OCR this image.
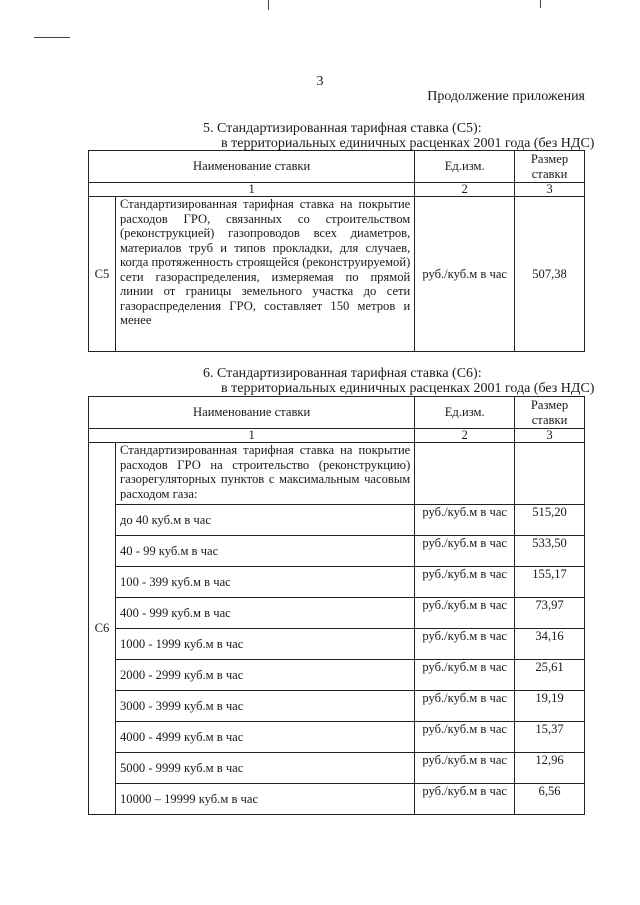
3
Продолжение приложения
5. Стандартизированная тарифная ставка (С5):
в территориальных единичных расценках 2001 года (без НДС)
Наименование ставки		Ед.изм.	Размер ставки
1		2	3
С5	Стандартизированная тарифная ставка на покрытие расходов ГРО, связанных со строительством (реконструкцией) газопроводов всех диаметров, материалов труб и типов прокладки, для случаев, когда протяженность строящейся (реконструируемой) сети газораспределения, измеряемая по прямой линии от границы земельного участка до сети газораспределения ГРО, составляет 150 метров и менее	руб./куб.м в час	507,38
6. Стандартизированная тарифная ставка (С6):
в территориальных единичных расценках 2001 года (без НДС)
Наименование ставки		Ед.изм.	Размер ставки
1		2	3
С6	Стандартизированная тарифная ставка на покрытие расходов ГРО на строительство (реконструкцию) газорегуляторных пунктов с максимальным часовым расходом газа:		
	до 40 куб.м в час	руб./куб.м в час	515,20
	40 - 99 куб.м в час	руб./куб.м в час	533,50
	100 - 399 куб.м в час	руб./куб.м в час	155,17
	400 - 999 куб.м в час	руб./куб.м в час	73,97
	1000 - 1999 куб.м в час	руб./куб.м в час	34,16
	2000 - 2999 куб.м в час	руб./куб.м в час	25,61
	3000 - 3999 куб.м в час	руб./куб.м в час	19,19
	4000 - 4999 куб.м в час	руб./куб.м в час	15,37
	5000 - 9999 куб.м в час	руб./куб.м в час	12,96
	10000 – 19999 куб.м в час	руб./куб.м в час	6,56
